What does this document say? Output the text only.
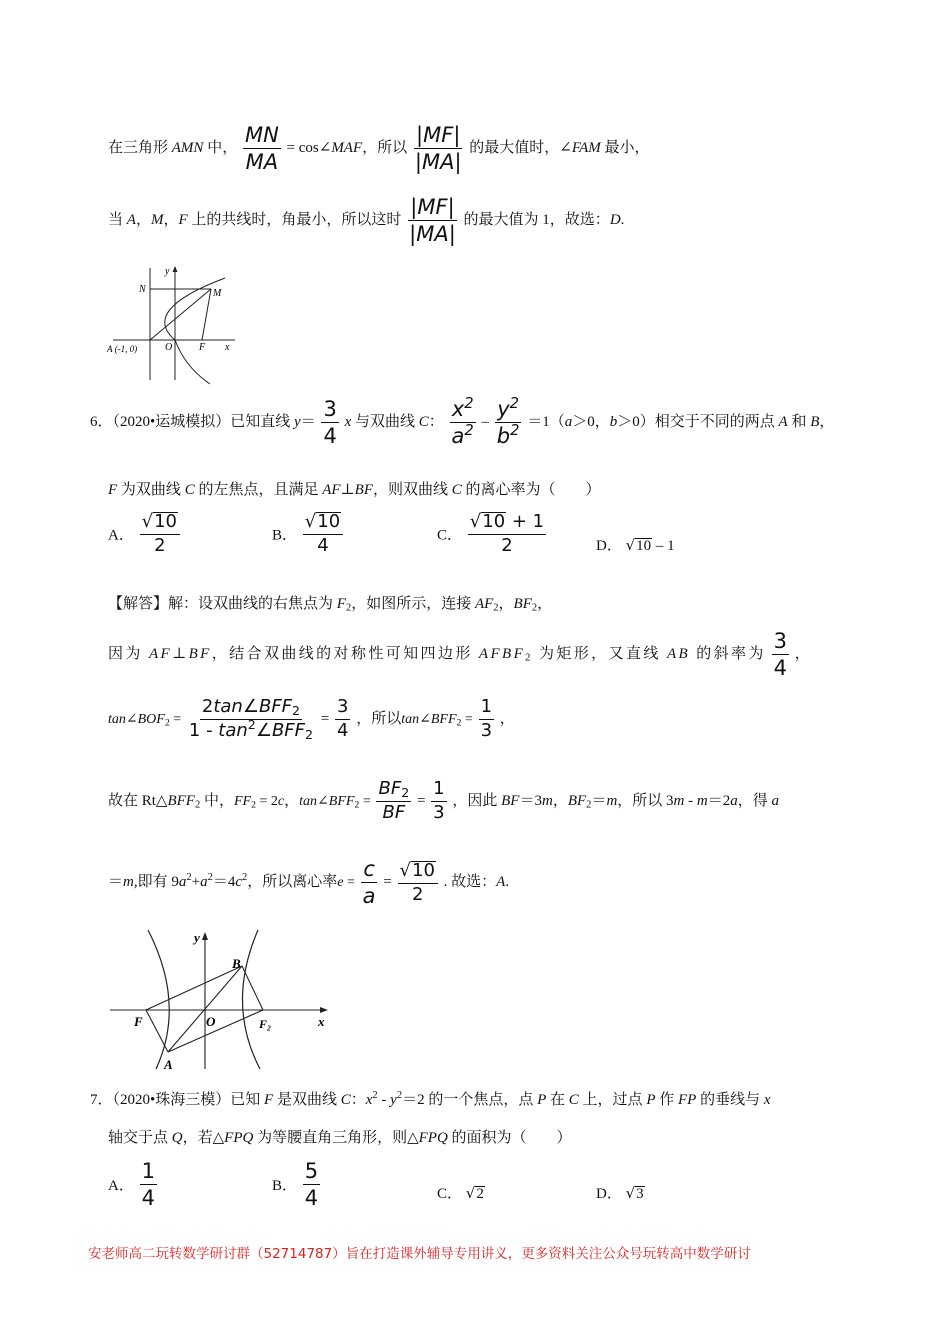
在三角形 AMN 中， $\frac{MN}{MA}$ = cos∠MAF，所以 $\frac{|MF|}{|MA|}$ 的最大值时，∠FAM 最小，
当 A，M，F 上的共线时，角最小，所以这时 $\frac{|MF|}{|MA|}$ 的最大值为 1，故选：D.
y
N	M
A (-1, 0)	O	F x
6．（2020•运城模拟）已知直线 $y= \frac{3}{4}$ x 与双曲线 C： $\frac{x^2}{a^2} - \frac{y^2}{b^2} =1(a>0$，b＞0）相交于不同的两点 A 和 B，
F 为双曲线 C 的左焦点，且满足 AF⊥BF，则双曲线 C 的离心率为（　　）
A． $\frac{√10}{2}$	B． $\frac{√10}{4}$	C． $\frac{√10 + 1}{2}$	D． √10 – 1
【解答】解：设双曲线的右焦点为 $F_2$，如图所示，连接 $AF_2$，$BF_2$，
因为 AF⊥BF，结合双曲线的对称性可知四边形 $AFBF_2$ 为矩形，又直线 AB 的斜率为 $\frac{3}{4}$ ，
$\tan\angle BOF_2 = \frac{2\tan\angle BFF_2}{1 - \tan^2\angle BFF_2} = \frac{3}{4}$ ，所以$\tan\angle BFF_2 = \frac{1}{3}$ ，
故在 $Rt\triangle BFF_2$ 中，$FF_2 = 2c$，$\tan\angle BFF_2 = \frac{BF_2}{BF} = \frac{1}{3}$ ，因此 BF＝3m，$BF_2=m$，所以 3m - m＝2a，得 a
＝m,即有 $9a^2+a^2=4c^2$，所以离心率$e = \frac{c}{a} = \frac{√10}{2}$ . 故选：A.
y
B
F	O	F₂	x
A
7．（2020•珠海三模）已知 F 是双曲线 C：$x^2 - y^2=2$ 的一个焦点，点 P 在 C 上，过点 P 作 FP 的垂线与 x
轴交于点 Q，若△FPQ 为等腰直角三角形，则△FPQ 的面积为（　　）
A． $\frac{1}{4}$	B． $\frac{5}{4}$	C． √2	D． √3
安老师高二玩转数学研讨群（52714787）旨在打造课外辅导专用讲义，更多资料关注公众号玩转高中数学研讨
